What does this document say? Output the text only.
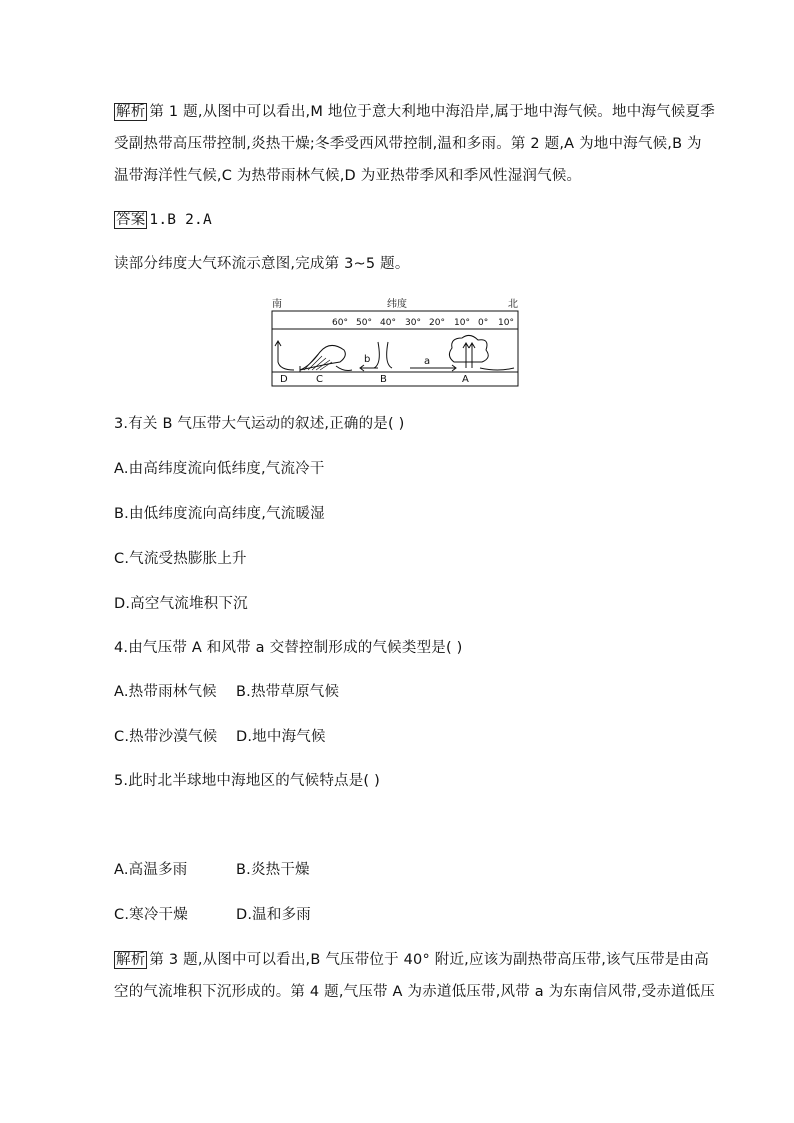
解析 第 1 题,从图中可以看出,M 地位于意大利地中海沿岸,属于地中海气候。地中海气候夏季
受副热带高压带控制,炎热干燥;冬季受西风带控制,温和多雨。第 2 题,A 为地中海气候,B 为
温带海洋性气候,C 为热带雨林气候,D 为亚热带季风和季风性湿润气候。
答案 1.B 2.A
读部分纬度大气环流示意图,完成第 3~5 题。
南	纬度	北
60° 50° 40° 30° 20° 10° 0° 10°
b	a
D	C	B	A
3.有关 B 气压带大气运动的叙述,正确的是( )
A.由高纬度流向低纬度,气流冷干
B.由低纬度流向高纬度,气流暖湿
C.气流受热膨胀上升
D.高空气流堆积下沉
4.由气压带 A 和风带 a 交替控制形成的气候类型是( )
A.热带雨林气候 B.热带草原气候
C.热带沙漠气候 D.地中海气候
5.此时北半球地中海地区的气候特点是( )
A.高温多雨	B.炎热干燥
C.寒冷干燥	D.温和多雨
解析 第 3 题,从图中可以看出,B 气压带位于 40° 附近,应该为副热带高压带,该气压带是由高
空的气流堆积下沉形成的。第 4 题,气压带 A 为赤道低压带,风带 a 为东南信风带,受赤道低压
